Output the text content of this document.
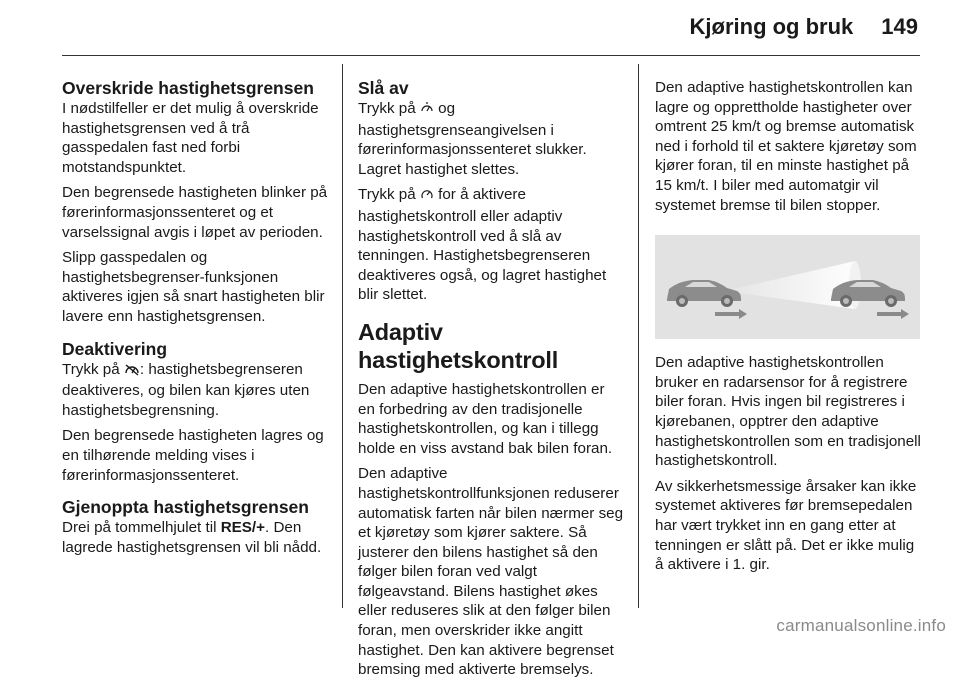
Kjøring og bruk 149
Overskride hastighetsgrensen

I nødstilfeller er det mulig å overskride hastighetsgrensen ved å trå gasspedalen fast ned forbi motstandspunktet.

Den begrensede hastigheten blinker på førerinformasjonssenteret og et varselssignal avgis i løpet av perioden.

Slipp gasspedalen og hastighetsbegrenser-funksjonen aktiveres igjen så snart hastigheten blir lavere enn hastighetsgrensen.

Deaktivering

Trykk på : hastighetsbegrenseren deaktiveres, og bilen kan kjøres uten hastighetsbegrensning.

Den begrensede hastigheten lagres og en tilhørende melding vises i førerinformasjonssenteret.

Gjenoppta hastighetsgrensen

Drei på tommelhjulet til RES/+. Den lagrede hastighetsgrensen vil bli nådd.

Slå av

Trykk på  og hastighetsgrenseangivelsen i førerinformasjonssenteret slukker. Lagret hastighet slettes.

Trykk på  for å aktivere hastighetskontroll eller adaptiv hastighetskontroll ved å slå av tenningen. Hastighetsbegrenseren deaktiveres også, og lagret hastighet blir slettet.

Adaptiv hastighetskontroll

Den adaptive hastighetskontrollen er en forbedring av den tradisjonelle hastighetskontrollen, og kan i tillegg holde en viss avstand bak bilen foran.

Den adaptive hastighetskontrollfunksjonen reduserer automatisk farten når bilen nærmer seg et kjøretøy som kjører saktere. Så justerer den bilens hastighet så den følger bilen foran ved valgt følgeavstand. Bilens hastighet økes eller reduseres slik at den følger bilen foran, men overskrider ikke angitt hastighet. Den kan aktivere begrenset bremsing med aktiverte bremselys.

Den adaptive hastighetskontrollen kan lagre og opprettholde hastigheter over omtrent 25 km/t og bremse automatisk ned i forhold til et saktere kjøretøy som kjører foran, til en minste hastighet på 15 km/t. I biler med automatgir vil systemet bremse til bilen stopper.

Den adaptive hastighetskontrollen bruker en radarsensor for å registrere biler foran. Hvis ingen bil registreres i kjørebanen, opptrer den adaptive hastighetskontrollen som en tradisjonell hastighetskontroll.

Av sikkerhetsmessige årsaker kan ikke systemet aktiveres før bremsepedalen har vært trykket inn en gang etter at tenningen er slått på. Det er ikke mulig å aktivere i 1. gir.

carmanualsonline.info
